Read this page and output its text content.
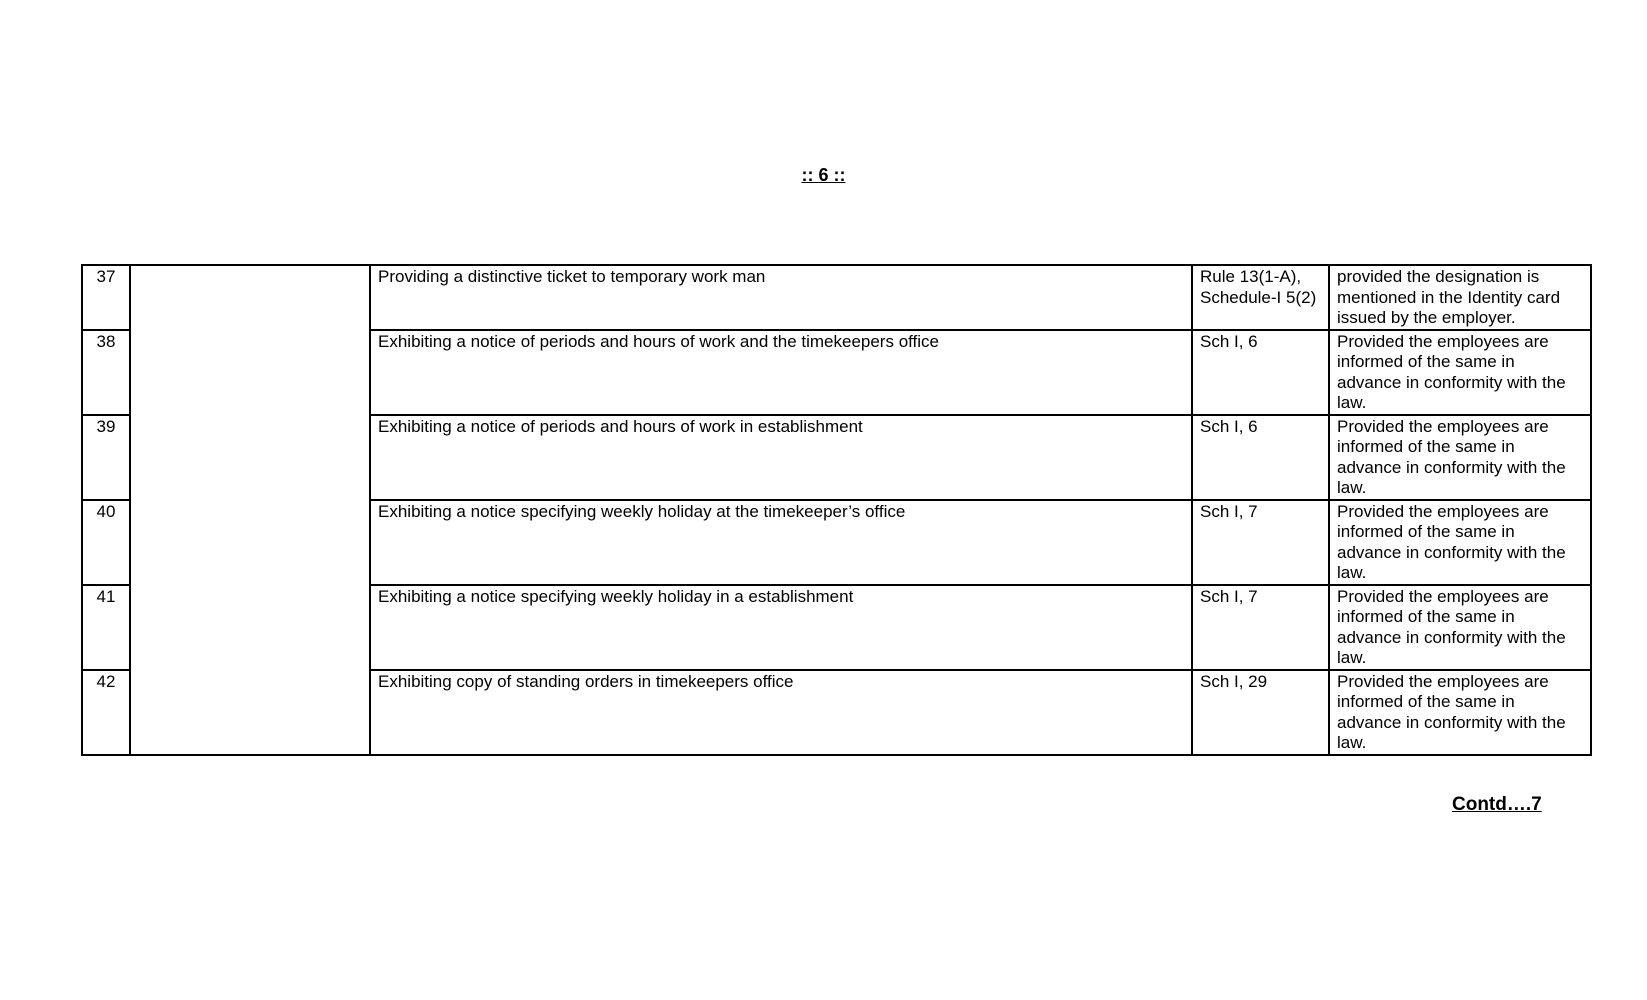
:: 6 ::
37		Providing a distinctive ticket to temporary work man	Rule 13(1-A), Schedule-I 5(2)	provided the designation is mentioned in the Identity card issued by the employer.
38		Exhibiting a notice of periods and hours of work and the timekeepers office	Sch I, 6	Provided the employees are informed of the same in advance in conformity with the law.
39		Exhibiting a notice of periods and hours of work in establishment	Sch I, 6	Provided the employees are informed of the same in advance in conformity with the law.
40		Exhibiting a notice specifying weekly holiday at the timekeeper’s office	Sch I, 7	Provided the employees are informed of the same in advance in conformity with the law.
41		Exhibiting a notice specifying weekly holiday in a establishment	Sch I, 7	Provided the employees are informed of the same in advance in conformity with the law.
42		Exhibiting copy of standing orders in timekeepers office	Sch I, 29	Provided the employees are informed of the same in advance in conformity with the law.
Contd….7
